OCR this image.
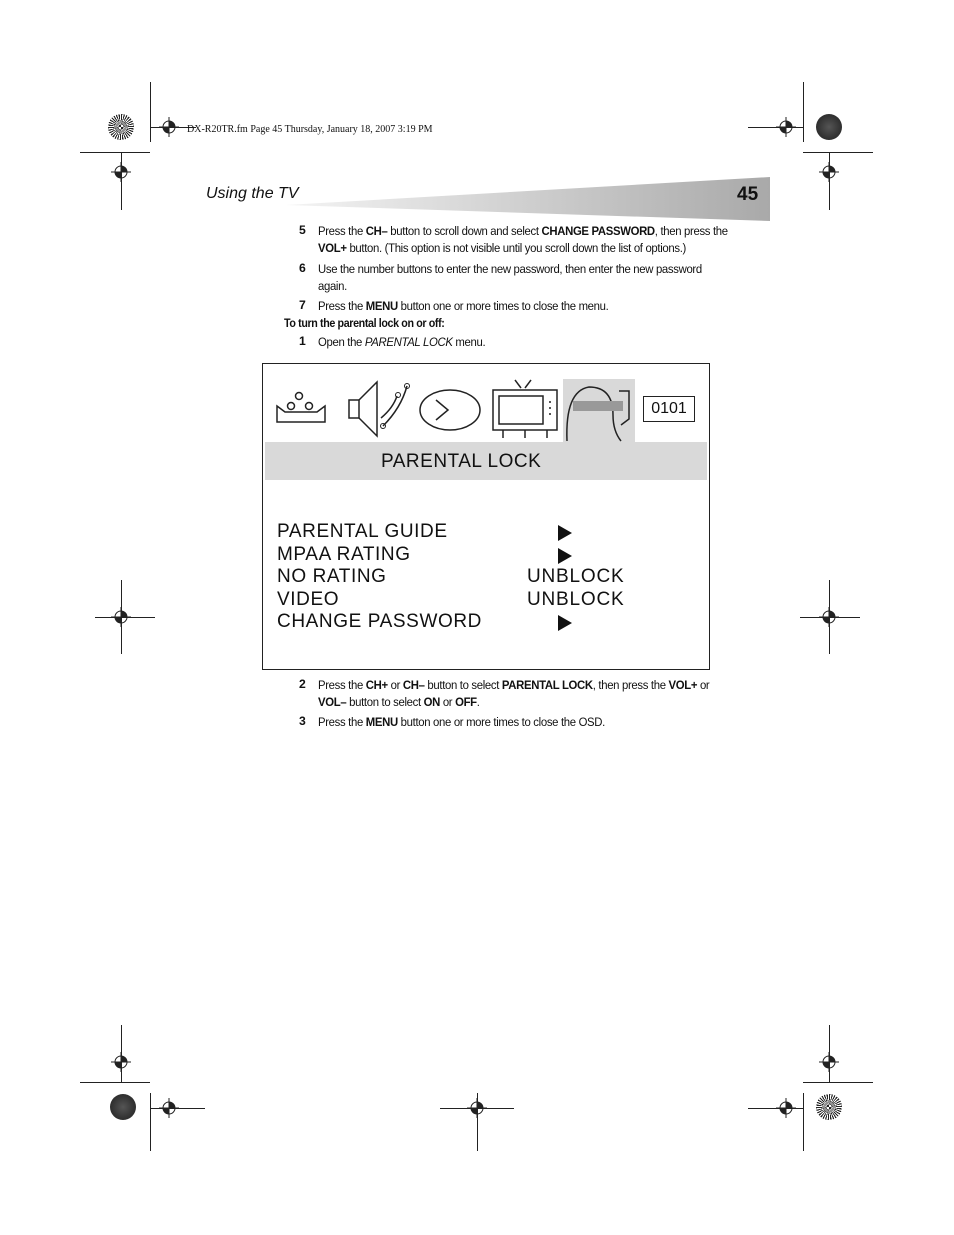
DX-R20TR.fm Page 45 Thursday, January 18, 2007 3:19 PM
Using the TV	45
5 Press the CH– button to scroll down and select CHANGE PASSWORD, then press the VOL+ button. (This option is not visible until you scroll down the list of options.)
6 Use the number buttons to enter the new password, then enter the new password again.
7 Press the MENU button one or more times to close the menu.
To turn the parental lock on or off:
1 Open the PARENTAL LOCK menu.
0101
PARENTAL LOCK
PARENTAL GUIDE
MPAA RATING
NO RATING	UNBLOCK
VIDEO	UNBLOCK
CHANGE PASSWORD
2 Press the CH+ or CH– button to select PARENTAL LOCK, then press the VOL+ or VOL– button to select ON or OFF.
3 Press the MENU button one or more times to close the OSD.
